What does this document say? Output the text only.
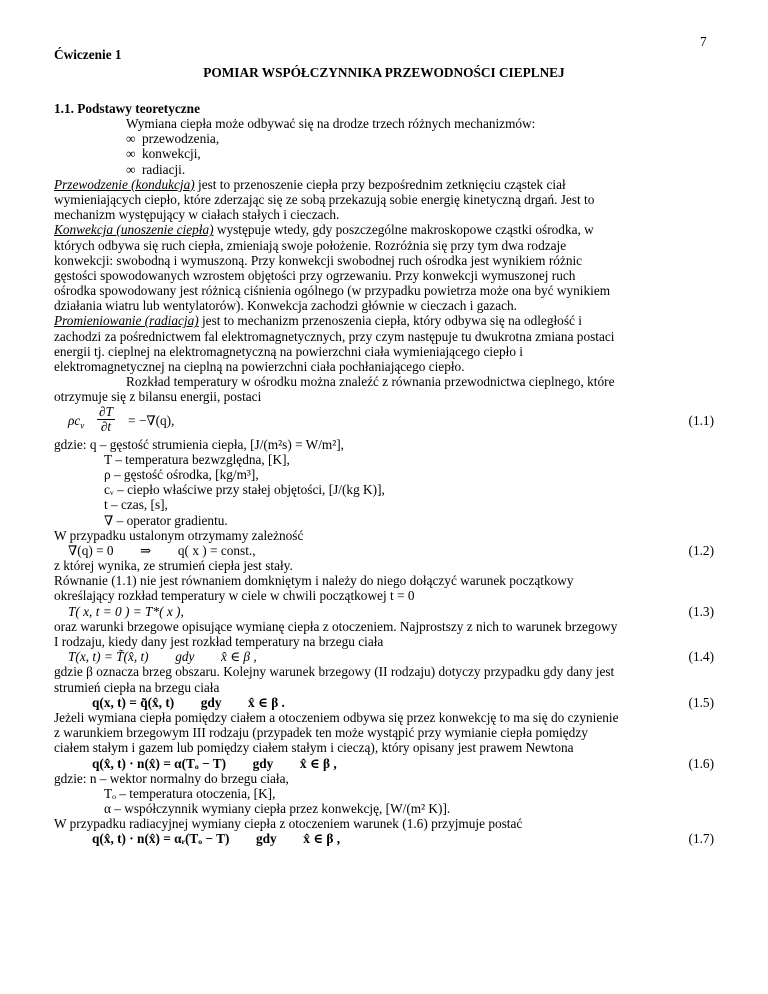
7
Ćwiczenie 1
POMIAR WSPÓŁCZYNNIKA PRZEWODNOŚCI CIEPLNEJ
1.1. Podstawy teoretyczne
Wymiana ciepła może odbywać się na drodze trzech różnych mechanizmów:
∞ przewodzenia,
∞ konwekcji,
∞ radiacji.
Przewodzenie (kondukcja) jest to przenoszenie ciepła przy bezpośrednim zetknięciu cząstek ciał
wymieniających ciepło, które zderzając się ze sobą przekazują sobie energię kinetyczną drgań. Jest to
mechanizm występujący w ciałach stałych i cieczach.
Konwekcja (unoszenie ciepła) występuje wtedy, gdy poszczególne makroskopowe cząstki ośrodka, w
których odbywa się ruch ciepła, zmieniają swoje położenie. Rozróżnia się przy tym dwa rodzaje
konwekcji: swobodną i wymuszoną. Przy konwekcji swobodnej ruch ośrodka jest wynikiem różnic
gęstości spowodowanych wzrostem objętości przy ogrzewaniu. Przy konwekcji wymuszonej ruch
ośrodka spowodowany jest różnicą ciśnienia ogólnego (w przypadku powietrza może ona być wynikiem
działania wiatru lub wentylatorów). Konwekcja zachodzi głównie w cieczach i gazach.
Promieniowanie (radiacja) jest to mechanizm przenoszenia ciepła, który odbywa się na odległość i
zachodzi za pośrednictwem fal elektromagnetycznych, przy czym następuje tu dwukrotna zmiana postaci
energii tj. cieplnej na elektromagnetyczną na powierzchni ciała wymieniającego ciepło i
elektromagnetycznej na cieplną na powierzchni ciała pochłaniającego ciepło.
Rozkład temperatury w ośrodku można znaleźć z równania przewodnictwa cieplnego, które
otrzymuje się z bilansu energii, postaci
$\rho c_v \frac{\partial T}{\partial t} = -\nabla(q)$,	(1.1)
gdzie: q – gęstość strumienia ciepła, [J/(m²s) = W/m²],
T – temperatura bezwzględna, [K],
ρ – gęstość ośrodka, [kg/m³],
cᵥ – ciepło właściwe przy stałej objętości, [J/(kg K)],
t – czas, [s],
∇ – operator gradientu.
W przypadku ustalonym otrzymamy zależność
∇(q) = 0        ⇒        q( x ) = const.,	(1.2)
z której wynika, ze strumień ciepła jest stały.
Równanie (1.1) nie jest równaniem domkniętym i należy do niego dołączyć warunek początkowy
określający rozkład temperatury w ciele w chwili początkowej t = 0
T( x, t = 0 ) = T*( x ),	(1.3)
oraz warunki brzegowe opisujące wymianę ciepła z otoczeniem. Najprostszy z nich to warunek brzegowy
I rodzaju, kiedy dany jest rozkład temperatury na brzegu ciała
T(x, t) = T̃(x̂, t)        gdy        x̂ ∈ β ,	(1.4)
gdzie β oznacza brzeg obszaru. Kolejny warunek brzegowy (II rodzaju) dotyczy przypadku gdy dany jest
strumień ciepła na brzegu ciała
q(x, t) = q̃(x̂, t)        gdy        x̂ ∈ β .	(1.5)
Jeżeli wymiana ciepła pomiędzy ciałem a otoczeniem odbywa się przez konwekcję to ma się do czynienie
z warunkiem brzegowym III rodzaju (przypadek ten może wystąpić przy wymianie ciepła pomiędzy
ciałem stałym i gazem lub pomiędzy ciałem stałym i cieczą), który opisany jest prawem Newtona
q(x̂, t) · n(x̂) = α(Tₒ − T)        gdy        x̂ ∈ β ,	(1.6)
gdzie: n – wektor normalny do brzegu ciała,
Tₒ – temperatura otoczenia, [K],
α – współczynnik wymiany ciepła przez konwekcję, [W/(m² K)].
W przypadku radiacyjnej wymiany ciepła z otoczeniem warunek (1.6) przyjmuje postać
q(x̂, t) · n(x̂) = αᵣ(Tₒ − T)        gdy        x̂ ∈ β ,	(1.7)
